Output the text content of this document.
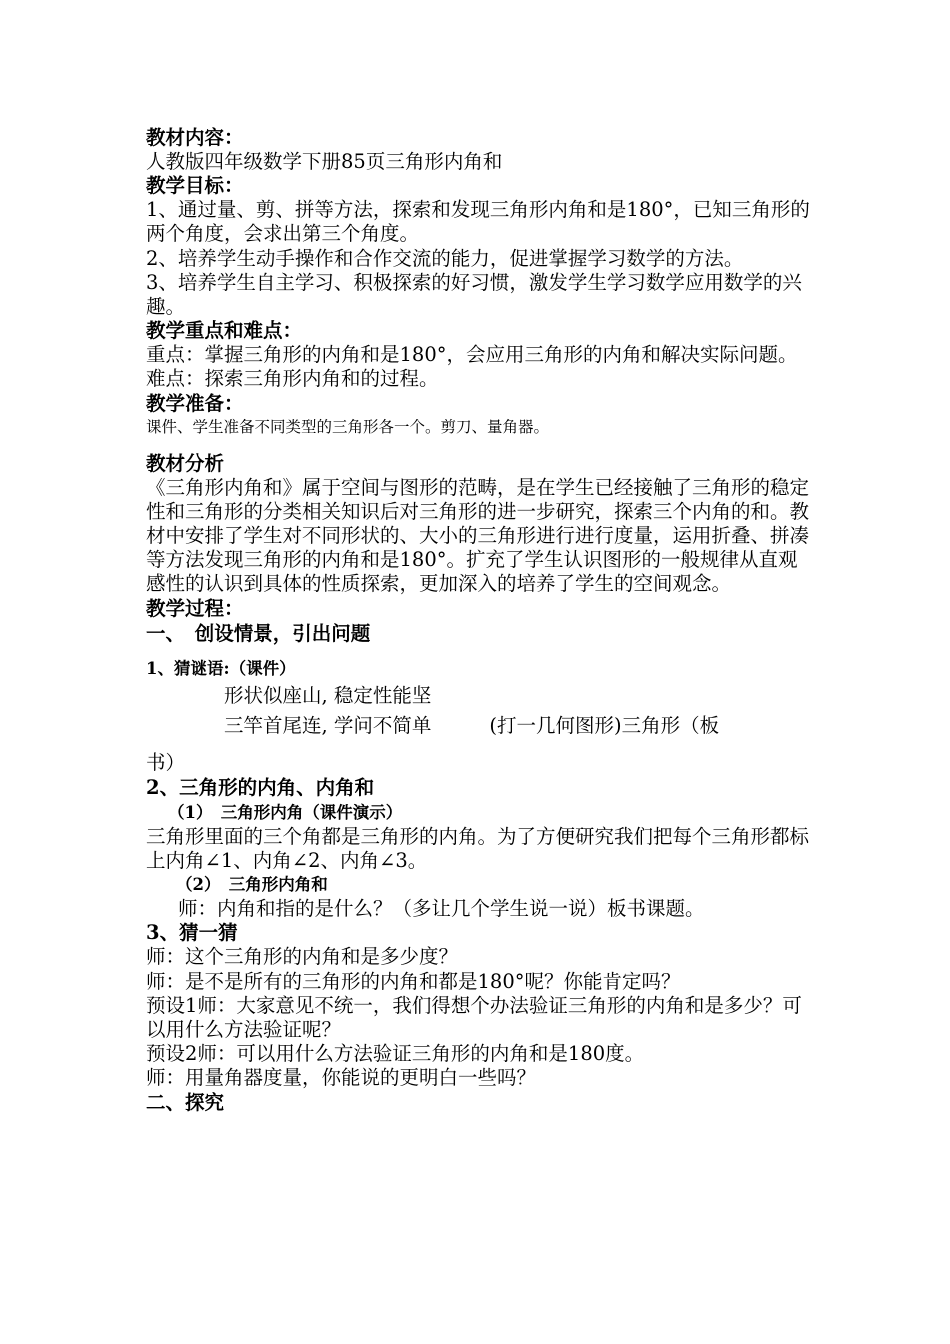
教材内容：

人教版四年级数学下册85页三角形内角和

教学目标：

1、通过量、剪、拼等方法，探索和发现三角形内角和是180°，已知三角形的两个角度，会求出第三个角度。

2、培养学生动手操作和合作交流的能力，促进掌握学习数学的方法。

3、培养学生自主学习、积极探索的好习惯，激发学生学习数学应用数学的兴趣。

教学重点和难点：

重点：掌握三角形的内角和是180°，会应用三角形的内角和解决实际问题。

难点：探索三角形内角和的过程。

教学准备：

课件、学生准备不同类型的三角形各一个。剪刀、量角器。

教材分析

《三角形内角和》属于空间与图形的范畴，是在学生已经接触了三角形的稳定性和三角形的分类相关知识后对三角形的进一步研究，探索三个内角的和。教材中安排了学生对不同形状的、大小的三角形进行进行度量，运用折叠、拼凑等方法发现三角形的内角和是180°。扩充了学生认识图形的一般规律从直观感性的认识到具体的性质探索，更加深入的培养了学生的空间观念。

教学过程：

一、　创设情景，引出问题

1、猜谜语:（课件）

形状似座山, 稳定性能坚

三竿首尾连, 学问不简单	(打一几何图形)三角形（板

书）

2、三角形的内角、内角和

（1）　三角形内角（课件演示）

三角形里面的三个角都是三角形的内角。为了方便研究我们把每个三角形都标上内角∠1、内角∠2、内角∠3。

（2）　三角形内角和

师：内角和指的是什么？（多让几个学生说一说）板书课题。

3、猜一猜

师：这个三角形的内角和是多少度？

师：是不是所有的三角形的内角和都是180°呢？你能肯定吗？

预设1师：大家意见不统一，我们得想个办法验证三角形的内角和是多少？可以用什么方法验证呢？

预设2师：可以用什么方法验证三角形的内角和是180度。

师：用量角器度量，你能说的更明白一些吗？

二、探究
